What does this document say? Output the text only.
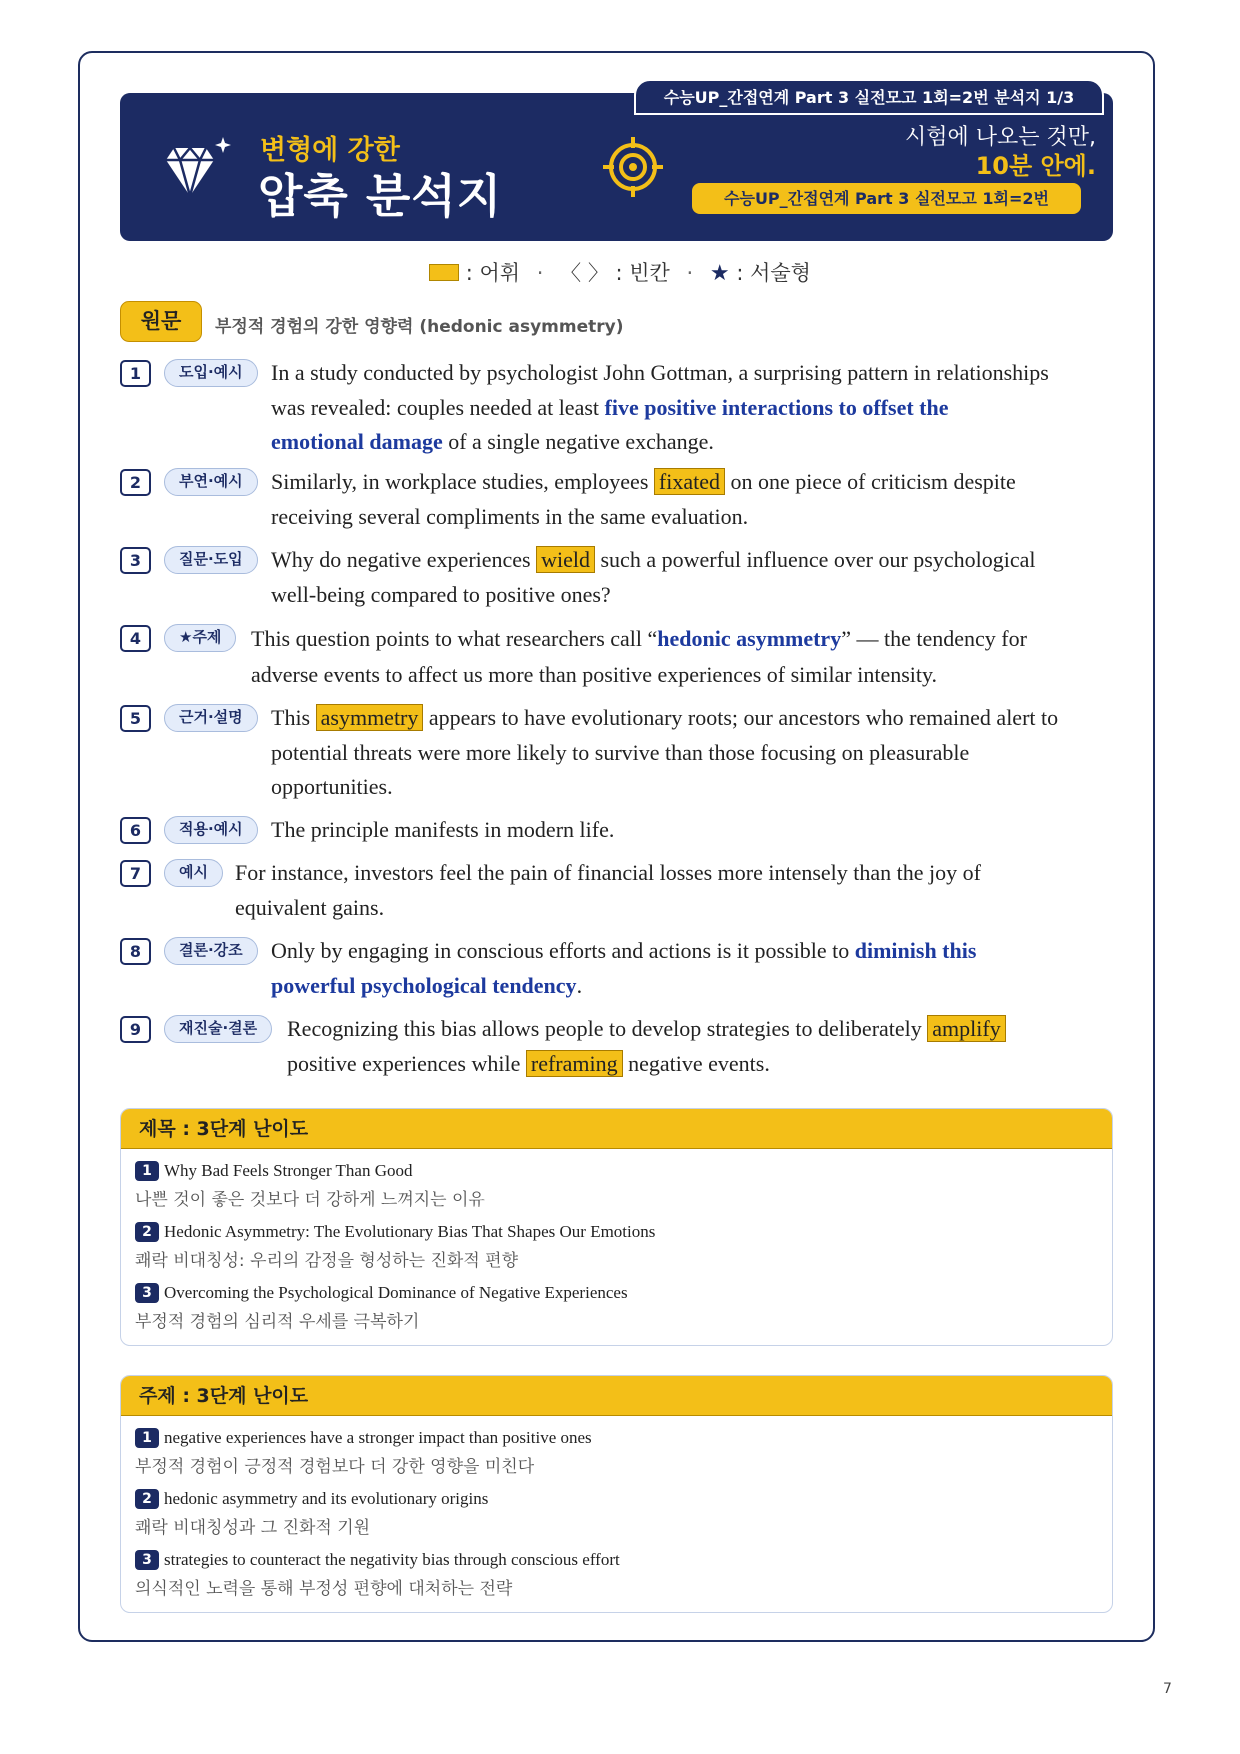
수능UP_간접연계 Part 3 실전모고 1회=2번 분석지 1/3
변형에 강한
압축 분석지
시험에 나오는 것만,
10분 안에.
수능UP_간접연계 Part 3 실전모고 1회=2번
: 어휘 · 〈 〉 : 빈칸 · ★ : 서술형
원문	부정적 경험의 강한 영향력 (hedonic asymmetry)
1	도입·예시	In a study conducted by psychologist John Gottman, a surprising pattern in relationships
was revealed: couples needed at least five positive interactions to offset the
emotional damage of a single negative exchange.
2	부연·예시	Similarly, in workplace studies, employees fixated on one piece of criticism despite
receiving several compliments in the same evaluation.
3	질문·도입	Why do negative experiences wield such a powerful influence over our psychological
well-being compared to positive ones?
4	★주제	This question points to what researchers call “hedonic asymmetry” — the tendency for
adverse events to affect us more than positive experiences of similar intensity.
5	근거·설명	This asymmetry appears to have evolutionary roots; our ancestors who remained alert to
potential threats were more likely to survive than those focusing on pleasurable
opportunities.
6	적용·예시	The principle manifests in modern life.
7	예시	For instance, investors feel the pain of financial losses more intensely than the joy of
equivalent gains.
8	결론·강조	Only by engaging in conscious efforts and actions is it possible to diminish this
powerful psychological tendency.
9	재진술·결론	Recognizing this bias allows people to develop strategies to deliberately amplify
positive experiences while reframing negative events.
제목 : 3단계 난이도
1 Why Bad Feels Stronger Than Good
나쁜 것이 좋은 것보다 더 강하게 느껴지는 이유
2 Hedonic Asymmetry: The Evolutionary Bias That Shapes Our Emotions
쾌락 비대칭성: 우리의 감정을 형성하는 진화적 편향
3 Overcoming the Psychological Dominance of Negative Experiences
부정적 경험의 심리적 우세를 극복하기
주제 : 3단계 난이도
1 negative experiences have a stronger impact than positive ones
부정적 경험이 긍정적 경험보다 더 강한 영향을 미친다
2 hedonic asymmetry and its evolutionary origins
쾌락 비대칭성과 그 진화적 기원
3 strategies to counteract the negativity bias through conscious effort
의식적인 노력을 통해 부정성 편향에 대처하는 전략
7
